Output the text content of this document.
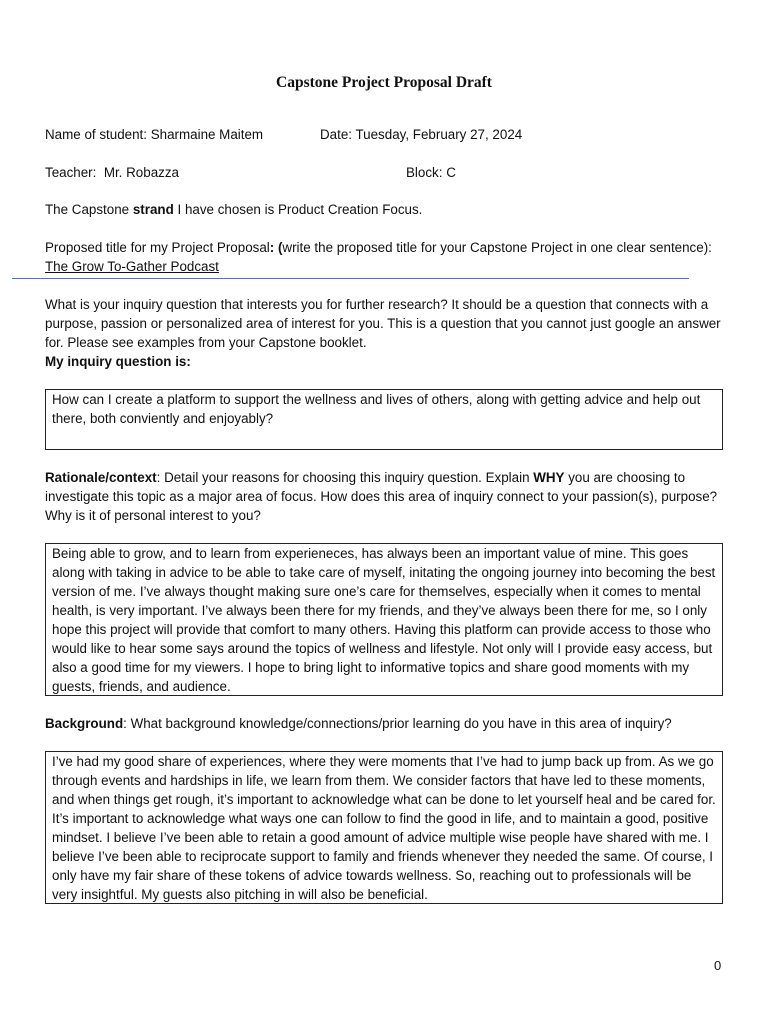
Capstone Project Proposal Draft
Name of student: Sharmaine Maitem	Date: Tuesday, February 27, 2024
Teacher:  Mr. Robazza	Block: C
The Capstone strand I have chosen is Product Creation Focus.
Proposed title for my Project Proposal: (write the proposed title for your Capstone Project in one clear sentence): The Grow To-Gather Podcast
What is your inquiry question that interests you for further research? It should be a question that connects with a purpose, passion or personalized area of interest for you. This is a question that you cannot just google an answer for. Please see examples from your Capstone booklet.
My inquiry question is:
How can I create a platform to support the wellness and lives of others, along with getting advice and help out there, both conviently and enjoyably?
Rationale/context: Detail your reasons for choosing this inquiry question. Explain WHY you are choosing to investigate this topic as a major area of focus. How does this area of inquiry connect to your passion(s), purpose? Why is it of personal interest to you?
Being able to grow, and to learn from experieneces, has always been an important value of mine. This goes along with taking in advice to be able to take care of myself, initating the ongoing journey into becoming the best version of me. I’ve always thought making sure one’s care for themselves, especially when it comes to mental health, is very important. I’ve always been there for my friends, and they’ve always been there for me, so I only hope this project will provide that comfort to many others. Having this platform can provide access to those who would like to hear some says around the topics of wellness and lifestyle. Not only will I provide easy access, but also a good time for my viewers. I hope to bring light to informative topics and share good moments with my guests, friends, and audience.
Background: What background knowledge/connections/prior learning do you have in this area of inquiry?
I’ve had my good share of experiences, where they were moments that I’ve had to jump back up from. As we go through events and hardships in life, we learn from them. We consider factors that have led to these moments, and when things get rough, it’s important to acknowledge what can be done to let yourself heal and be cared for. It’s important to acknowledge what ways one can follow to find the good in life, and to maintain a good, positive mindset. I believe I’ve been able to retain a good amount of advice multiple wise people have shared with me. I believe I’ve been able to reciprocate support to family and friends whenever they needed the same. Of course, I only have my fair share of these tokens of advice towards wellness. So, reaching out to professionals will be very insightful. My guests also pitching in will also be beneficial.
0
